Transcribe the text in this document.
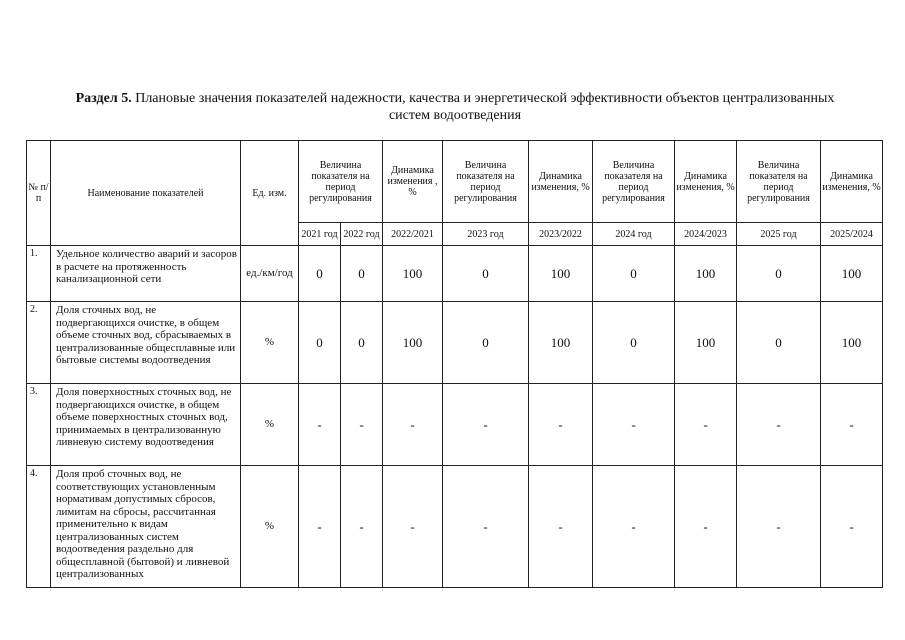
Раздел 5. Плановые значения показателей надежности, качества и энергетической эффективности объектов централизованных систем водоотведения
№ п/п	Наименование показателей	Ед. изм.	Величина показателя на период регулирования		Динамика изменения , %	Величина показателя на период регулирования	Динамика изменения, %	Величина показателя на период регулирования	Динамика изменения, %	Величина показателя на период регулирования	Динамика изменения, %
			2021 год	2022 год	2022/2021	2023 год	2023/2022	2024 год	2024/2023	2025 год	2025/2024
1.	Удельное количество аварий и засоров в расчете на протяженность канализационной сети	ед./км/год	0	0	100	0	100	0	100	0	100
2.	Доля сточных вод, не подвергающихся очистке, в общем объеме сточных вод, сбрасываемых в централизованные общесплавные или бытовые системы водоотведения	%	0	0	100	0	100	0	100	0	100
3.	Доля поверхностных сточных вод, не подвергающихся очистке, в общем объеме поверхностных сточных вод, принимаемых в централизованную ливневую систему водоотведения	%	-	-	-	-	-	-	-	-	-
4.	Доля проб сточных вод, не соответствующих установленным нормативам допустимых сбросов, лимитам на сбросы, рассчитанная применительно к видам централизованных систем водоотведения раздельно для общесплавной (бытовой) и ливневой централизованных	%	-	-	-	-	-	-	-	-	-
